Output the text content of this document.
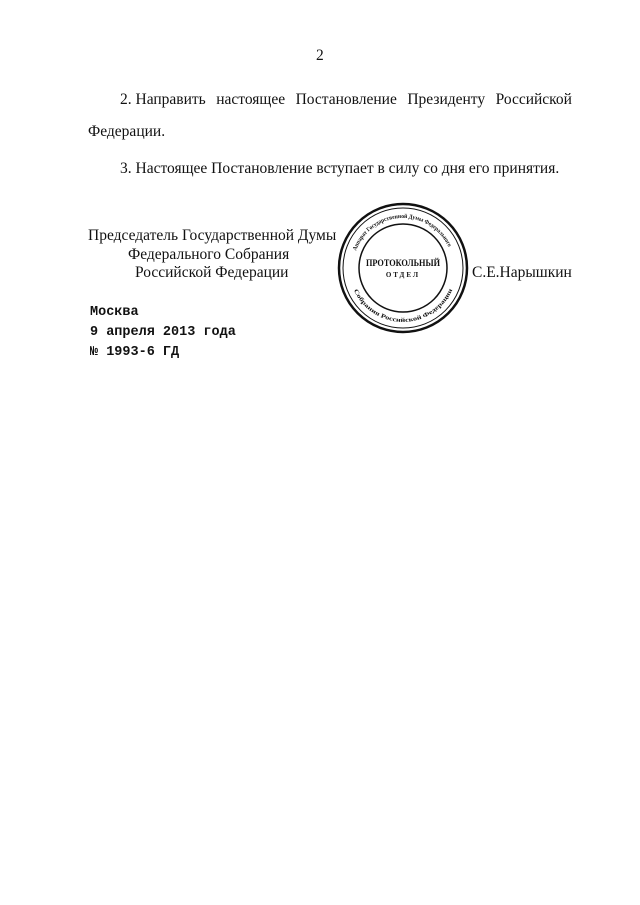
2
2. Направить настоящее Постановление Президенту Российской
Федерации.
3. Настоящее Постановление вступает в силу со дня его принятия.
Председатель Государственной Думы
Федерального Собрания
Российской Федерации	С.Е.Нарышкин
Аппарат Государственной Думы Федерального
Собрания Российской Федерации
ПРОТОКОЛЬНЫЙ
ОТДЕЛ
Москва
9 апреля 2013 года
№ 1993-6 ГД
